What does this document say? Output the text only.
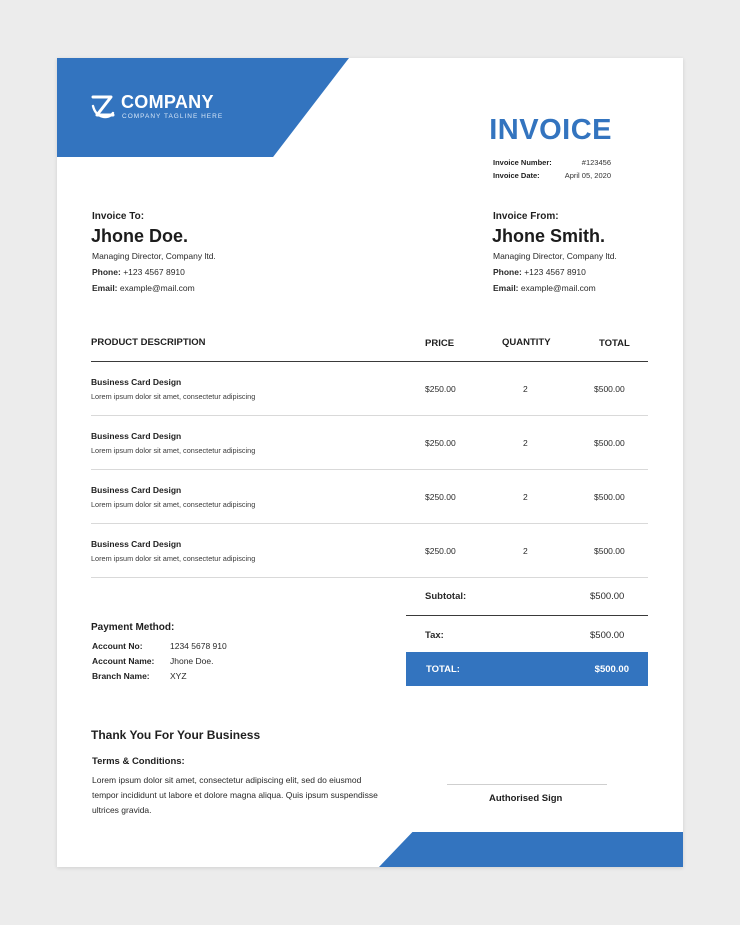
COMPANY
COMPANY TAGLINE HERE	INVOICE
Invoice Number:	#123456
Invoice Date:	April 05, 2020
Invoice To:
Jhone Doe.
Managing Director, Company ltd.
Phone: +123 4567 8910
Email: example@mail.com
Invoice From:
Jhone Smith.
Managing Director, Company ltd.
Phone: +123 4567 8910
Email: example@mail.com
PRODUCT DESCRIPTION	PRICE	QUANTITY	TOTAL
Business Card Design
Lorem ipsum dolor sit amet, consectetur adipiscing
$250.00	2	$500.00
Business Card Design
Lorem ipsum dolor sit amet, consectetur adipiscing
$250.00	2	$500.00
Business Card Design
Lorem ipsum dolor sit amet, consectetur adipiscing
$250.00	2	$500.00
Business Card Design
Lorem ipsum dolor sit amet, consectetur adipiscing
$250.00	2	$500.00
Subtotal:	$500.00
Tax:	$500.00
TOTAL:	$500.00
Payment Method:
Account No:	1234 5678 910
Account Name: Jhone Doe.
Branch Name: XYZ
Thank You For Your Business
Terms & Conditions:
Lorem ipsum dolor sit amet, consectetur adipiscing elit, sed do eiusmod tempor incididunt ut labore et dolore magna aliqua. Quis ipsum suspendisse ultrices gravida.
Authorised Sign
